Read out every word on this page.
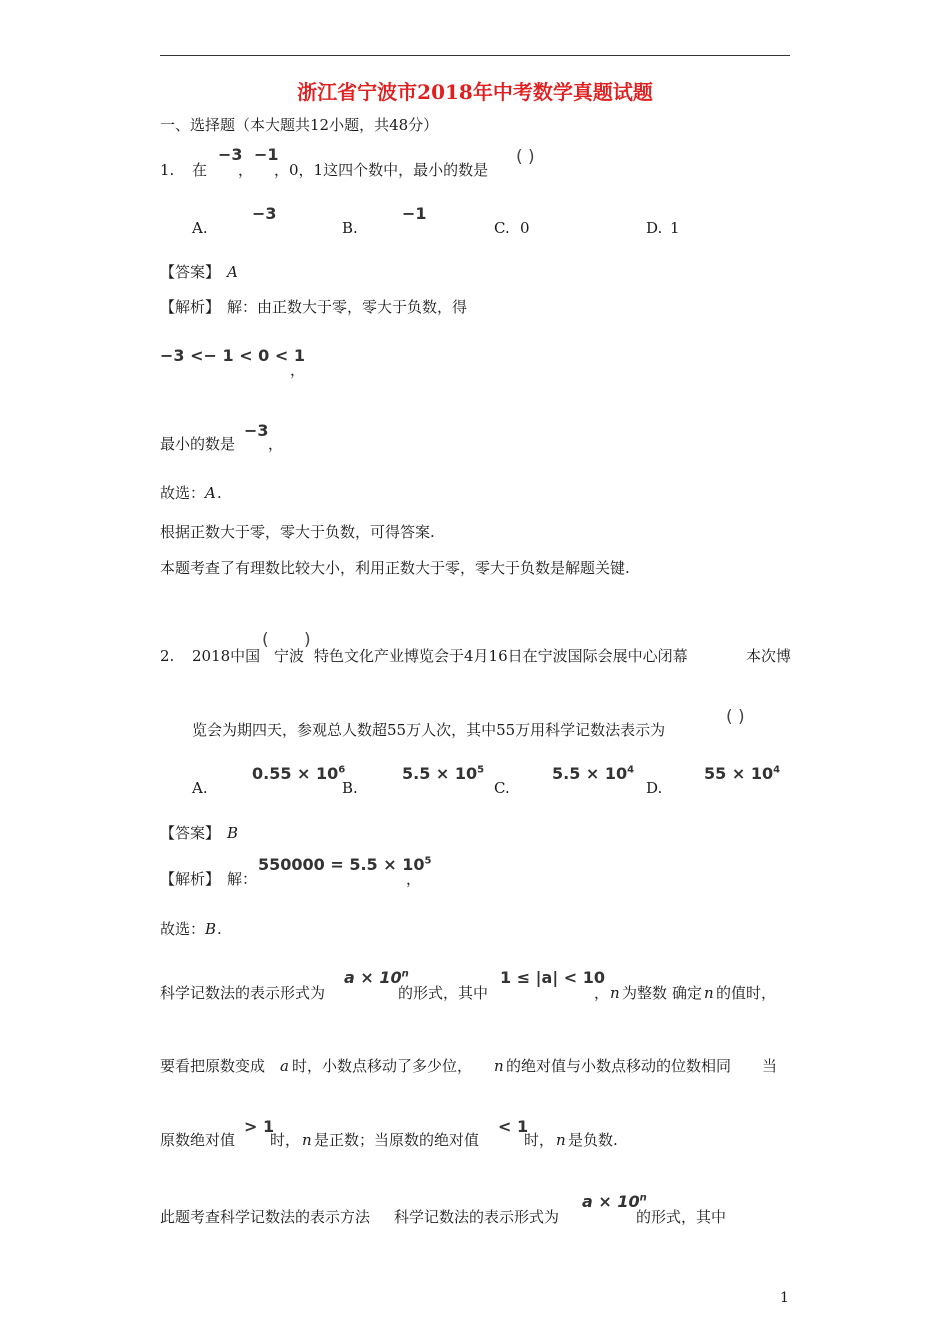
浙江省宁波市2018年中考数学真题试题
一、选择题（本大题共12小题，共48分）
1. 在
−3
，
−1
，0，1这四个数中，最小的数是
( )
A.
−3
B.
−1
C. 0	D. 1
【答案】 A
【解析】 解：由正数大于零，零大于负数，得
−3 <− 1 < 0 < 1
，
最小的数是
−3
，
故选： A .
根据正数大于零，零大于负数，可得答案.
本题考查了有理数比较大小，利用正数大于零，零大于负数是解题关键.
2. 2018中国
(
宁波
)
特色文化产业博览会于4月16日在宁波国际会展中心闭幕	本次博
览会为期四天，参观总人数超55万人次，其中55万用科学记数法表示为
( )
A.
$0.55 \times 10^6$
B.
$5.5 \times 10^5$
C.
$5.5 \times 10^4$
D.
$55 \times 10^4$
【答案】 B
【解析】 解：
$550000 = 5.5 \times 10^5$
，
故选： B .
科学记数法的表示形式为
$a \times 10^n$
的形式，其中
1 ≤ |a| < 10
， n 为整数 确定 n 的值时，
要看把原数变成 a 时，小数点移动了多少位， n 的绝对值与小数点移动的位数相同 当
原数绝对值
> 1
时， n 是正数；当原数的绝对值
< 1
时， n 是负数.
此题考查科学记数法的表示方法 科学记数法的表示形式为
$a \times 10^n$
的形式，其中
1
